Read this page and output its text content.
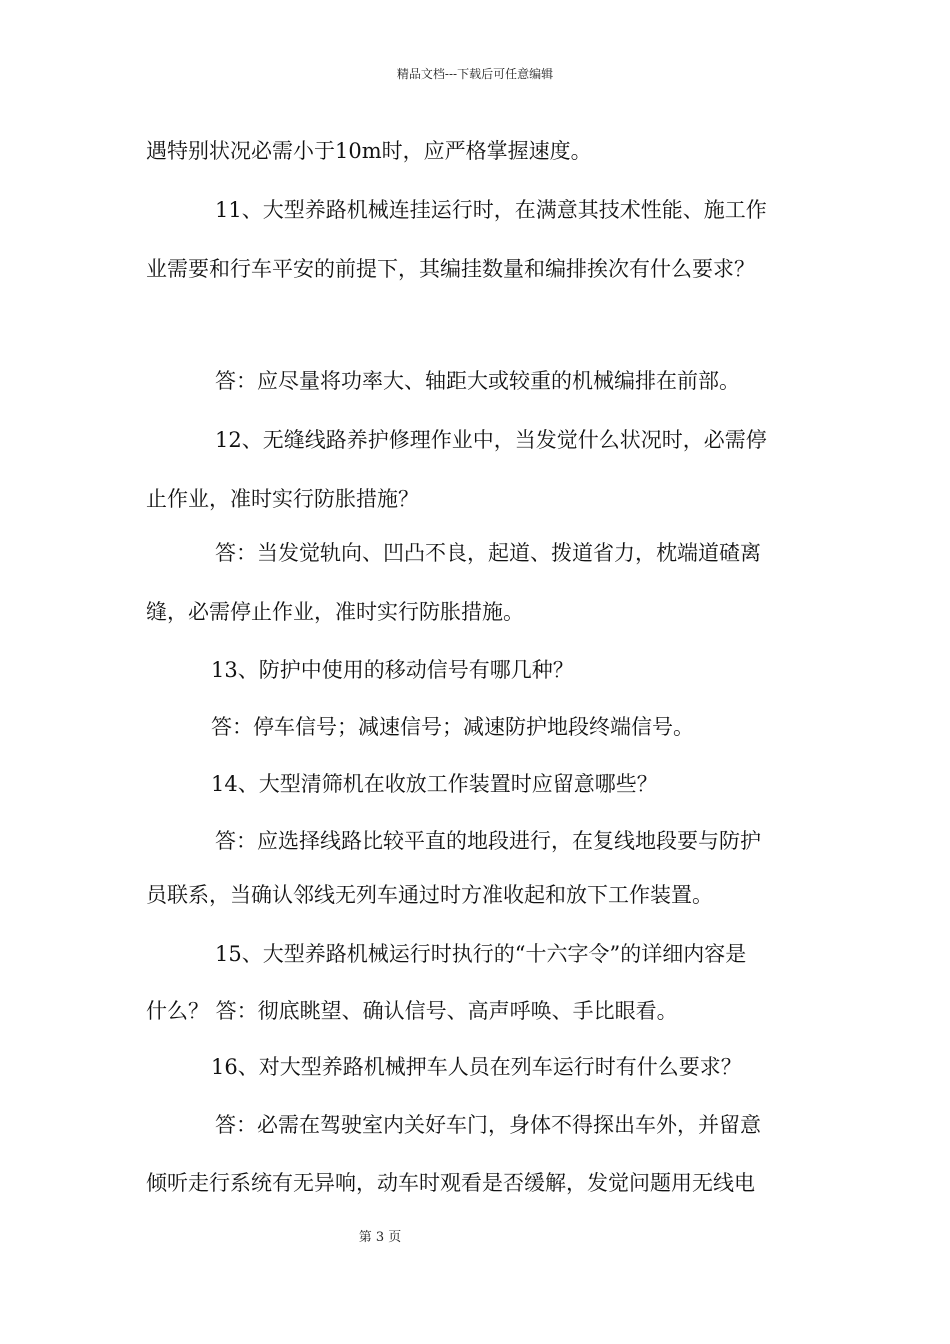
精品文档---下载后可任意编辑
遇特别状况必需小于10m时，应严格掌握速度。
11、大型养路机械连挂运行时，在满意其技术性能、施工作
业需要和行车平安的前提下，其编挂数量和编排挨次有什么要求？
答：应尽量将功率大、轴距大或较重的机械编排在前部。
12、无缝线路养护修理作业中，当发觉什么状况时，必需停
止作业，准时实行防胀措施？
答：当发觉轨向、凹凸不良，起道、拨道省力，枕端道碴离
缝，必需停止作业，准时实行防胀措施。
13、防护中使用的移动信号有哪几种？
答：停车信号；减速信号；减速防护地段终端信号。
14、大型清筛机在收放工作装置时应留意哪些？
答：应选择线路比较平直的地段进行，在复线地段要与防护
员联系，当确认邻线无列车通过时方准收起和放下工作装置。
15、大型养路机械运行时执行的“十六字令”的详细内容是
什么？ 答：彻底眺望、确认信号、高声呼唤、手比眼看。
16、对大型养路机械押车人员在列车运行时有什么要求？
答：必需在驾驶室内关好车门，身体不得探出车外，并留意
倾听走行系统有无异响，动车时观看是否缓解，发觉问题用无线电
第 3 页
